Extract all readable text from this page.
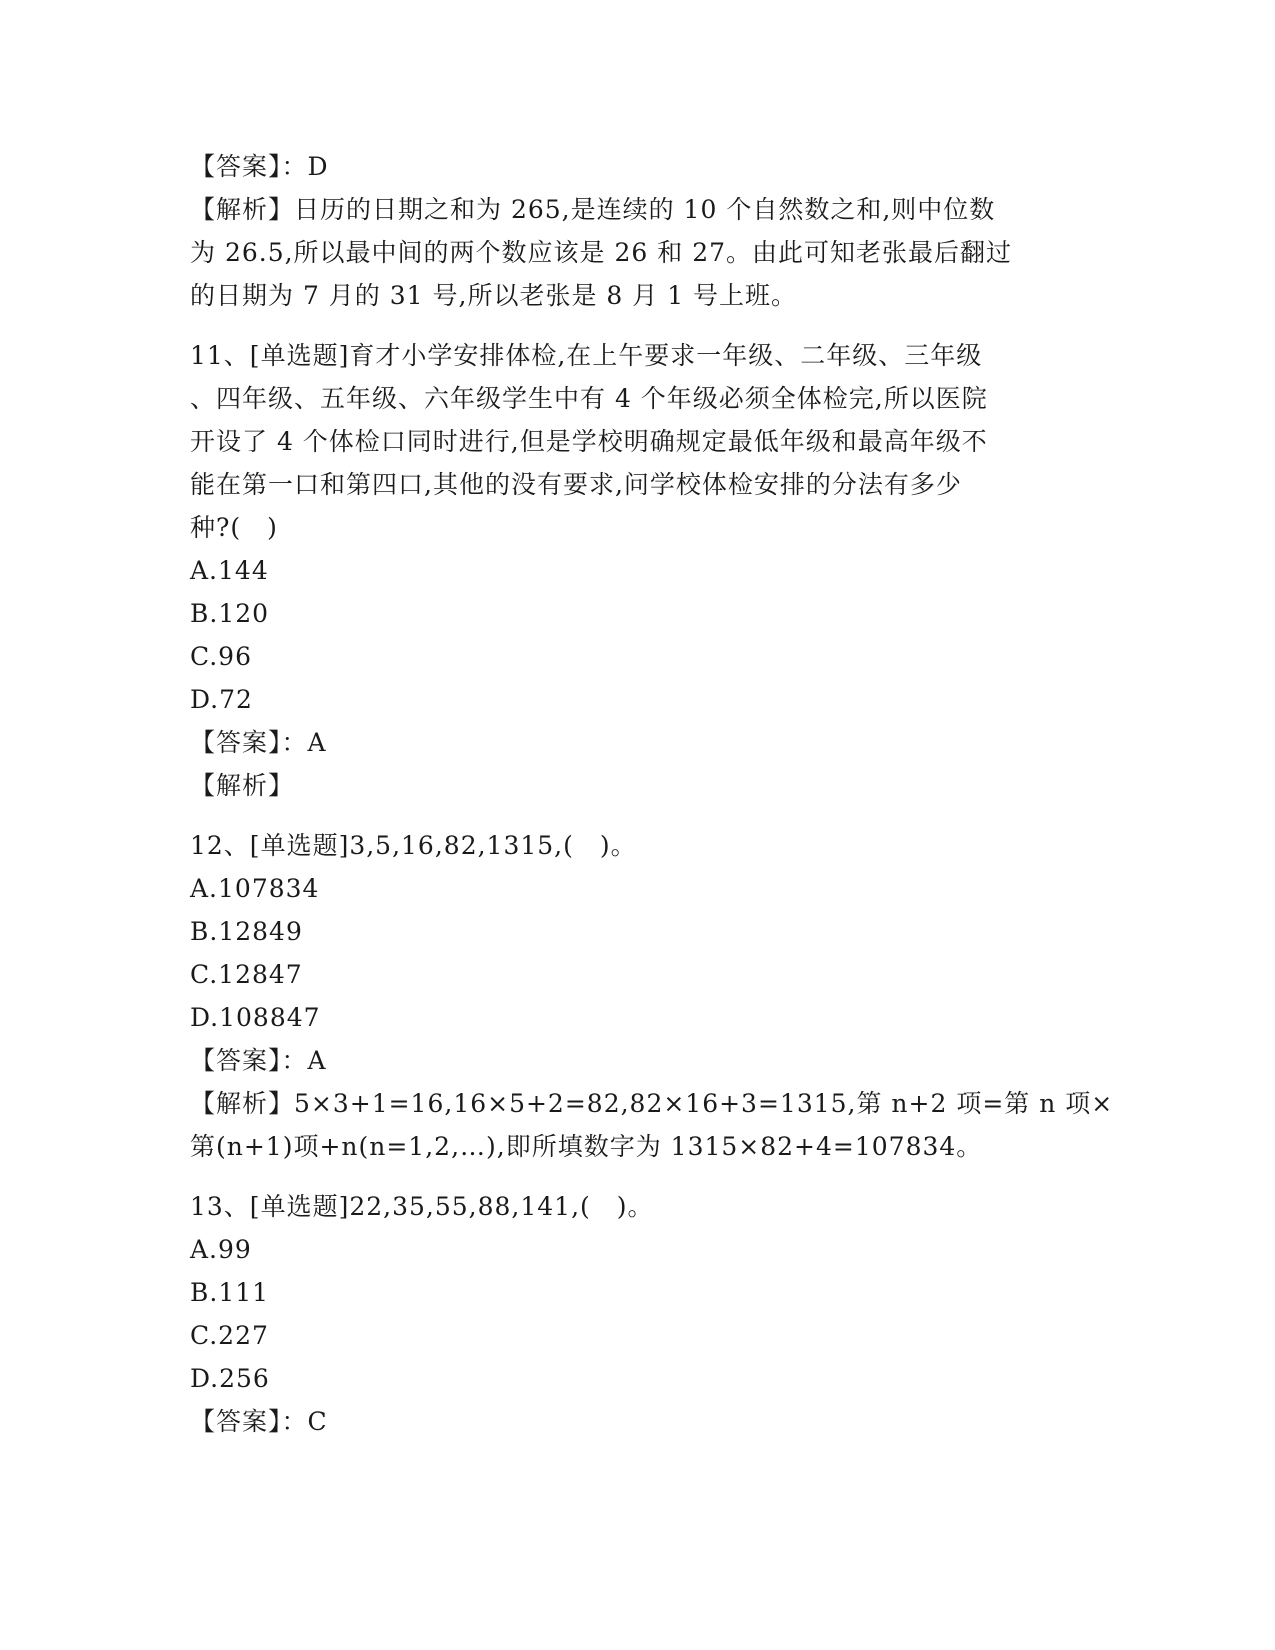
【答案】：D
【解析】日历的日期之和为 265,是连续的 10 个自然数之和,则中位数
为 26.5,所以最中间的两个数应该是 26 和 27。由此可知老张最后翻过
的日期为 7 月的 31 号,所以老张是 8 月 1 号上班。
11、[单选题]育才小学安排体检,在上午要求一年级、二年级、三年级
、四年级、五年级、六年级学生中有 4 个年级必须全体检完,所以医院
开设了 4 个体检口同时进行,但是学校明确规定最低年级和最高年级不
能在第一口和第四口,其他的没有要求,问学校体检安排的分法有多少
种?(　)
A.144
B.120
C.96
D.72
【答案】：A
【解析】
12、[单选题]3,5,16,82,1315,(　)。
A.107834
B.12849
C.12847
D.108847
【答案】：A
【解析】5×3+1=16,16×5+2=82,82×16+3=1315,第 n+2 项=第 n 项×
第(n+1)项+n(n=1,2,…),即所填数字为 1315×82+4=107834。
13、[单选题]22,35,55,88,141,(　)。
A.99
B.111
C.227
D.256
【答案】：C
